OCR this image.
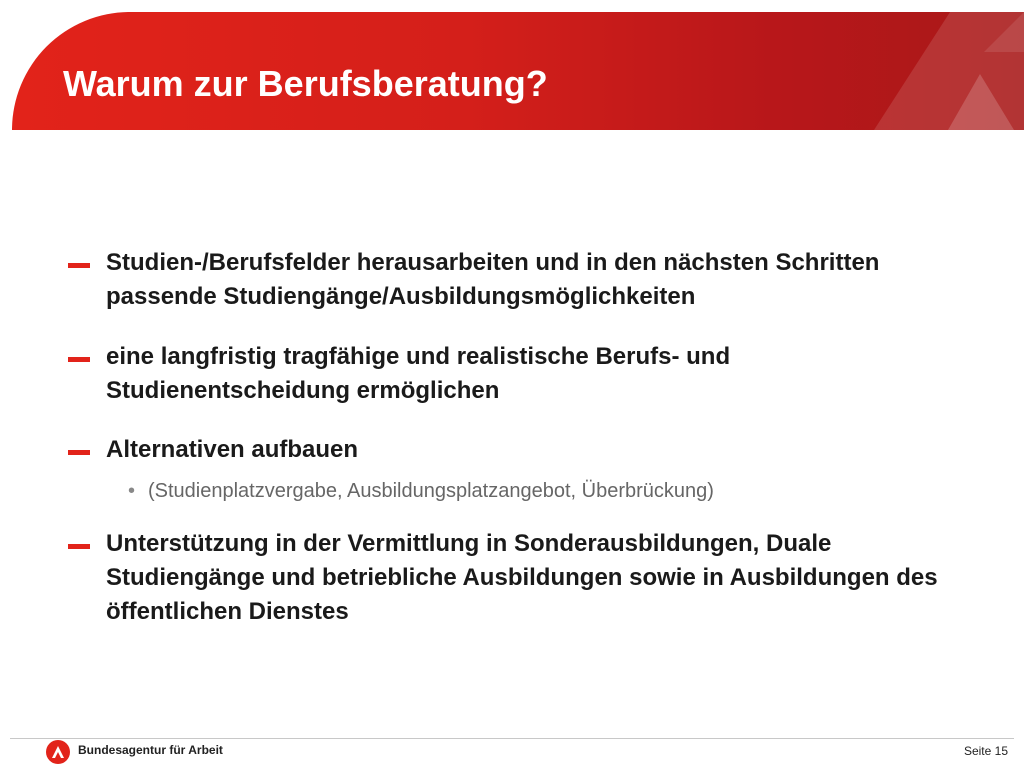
Warum zur Berufsberatung?
Studien-/Berufsfelder herausarbeiten und in den nächsten Schritten passende Studiengänge/Ausbildungsmöglichkeiten
eine langfristig tragfähige und realistische Berufs- und Studienentscheidung ermöglichen
Alternativen aufbauen
• (Studienplatzvergabe, Ausbildungsplatzangebot, Überbrückung)
Unterstützung in der Vermittlung in Sonderausbildungen, Duale Studiengänge und betriebliche Ausbildungen sowie in Ausbildungen des öffentlichen Dienstes
Bundesagentur für Arbeit	Seite 15
